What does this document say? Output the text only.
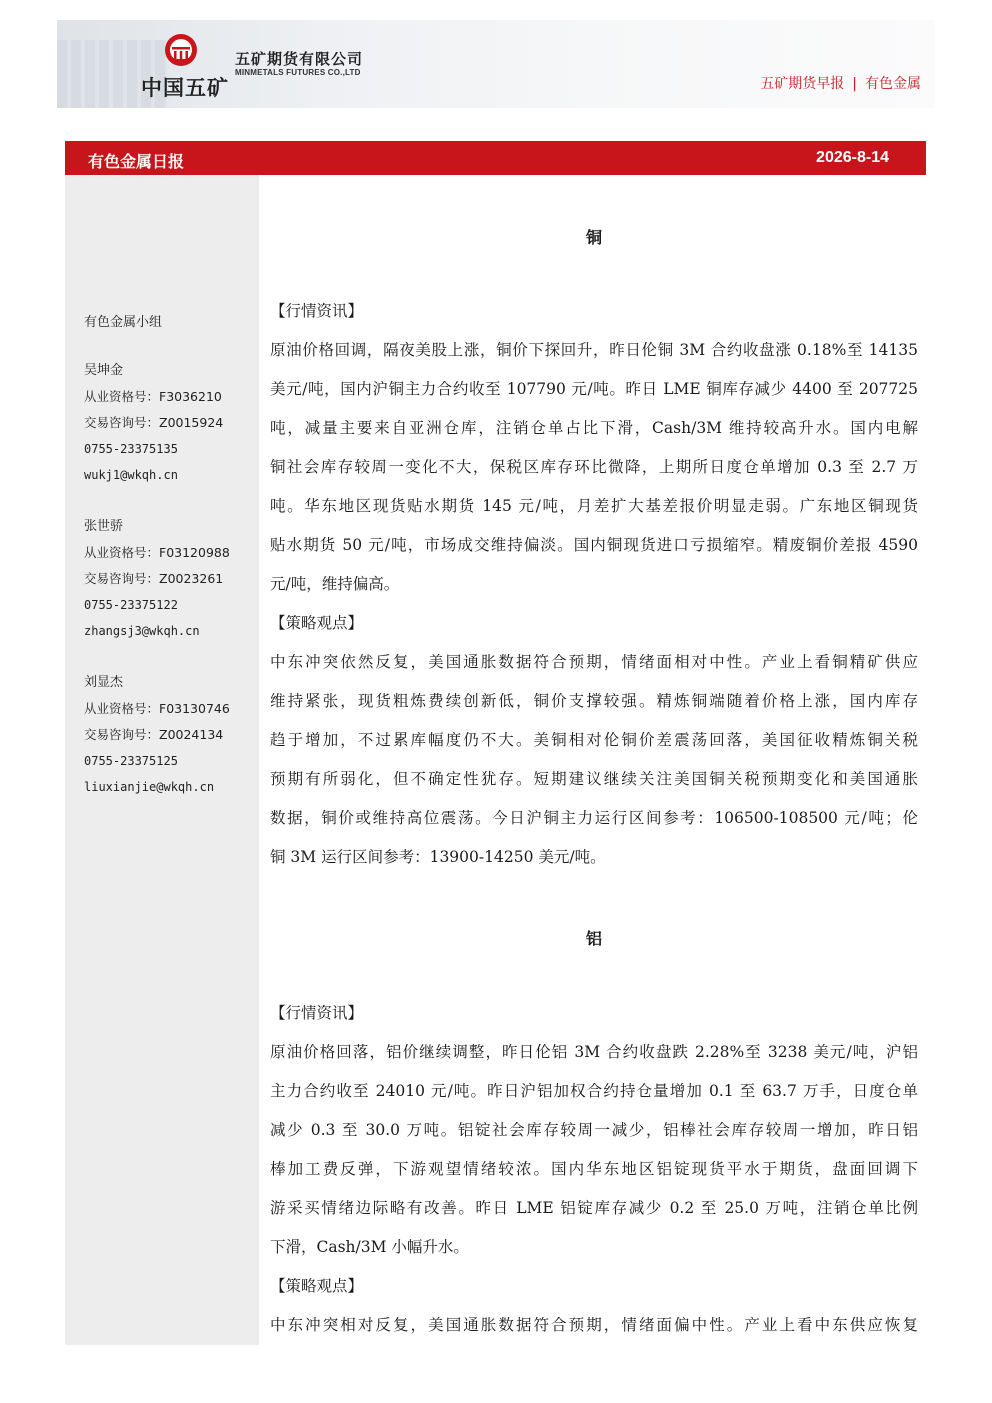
中国五矿
五矿期货有限公司
MINMETALS FUTURES CO.,LTD
五矿期货早报 | 有色金属
有色金属日报	2026-8-14
有色金属小组
吴坤金
从业资格号：F3036210
交易咨询号：Z0015924
0755-23375135
wukj1@wkqh.cn
张世骄
从业资格号：F03120988
交易咨询号：Z0023261
0755-23375122
zhangsj3@wkqh.cn
刘显杰
从业资格号：F03130746
交易咨询号：Z0024134
0755-23375125
liuxianjie@wkqh.cn
铜
【行情资讯】
原油价格回调，隔夜美股上涨，铜价下探回升，昨日伦铜 3M 合约收盘涨 0.18%至 14135
美元/吨，国内沪铜主力合约收至 107790 元/吨。昨日 LME 铜库存减少 4400 至 207725
吨，减量主要来自亚洲仓库，注销仓单占比下滑，Cash/3M 维持较高升水。国内电解
铜社会库存较周一变化不大，保税区库存环比微降，上期所日度仓单增加 0.3 至 2.7 万
吨。华东地区现货贴水期货 145 元/吨，月差扩大基差报价明显走弱。广东地区铜现货
贴水期货 50 元/吨，市场成交维持偏淡。国内铜现货进口亏损缩窄。精废铜价差报 4590
元/吨，维持偏高。
【策略观点】
中东冲突依然反复，美国通胀数据符合预期，情绪面相对中性。产业上看铜精矿供应
维持紧张，现货粗炼费续创新低，铜价支撑较强。精炼铜端随着价格上涨，国内库存
趋于增加，不过累库幅度仍不大。美铜相对伦铜价差震荡回落，美国征收精炼铜关税
预期有所弱化，但不确定性犹存。短期建议继续关注美国铜关税预期变化和美国通胀
数据，铜价或维持高位震荡。今日沪铜主力运行区间参考：106500-108500 元/吨；伦
铜 3M 运行区间参考：13900-14250 美元/吨。
铝
【行情资讯】
原油价格回落，铝价继续调整，昨日伦铝 3M 合约收盘跌 2.28%至 3238 美元/吨，沪铝
主力合约收至 24010 元/吨。昨日沪铝加权合约持仓量增加 0.1 至 63.7 万手，日度仓单
减少 0.3 至 30.0 万吨。铝锭社会库存较周一减少，铝棒社会库存较周一增加，昨日铝
棒加工费反弹，下游观望情绪较浓。国内华东地区铝锭现货平水于期货，盘面回调下
游采买情绪边际略有改善。昨日 LME 铝锭库存减少 0.2 至 25.0 万吨，注销仓单比例
下滑，Cash/3M 小幅升水。
【策略观点】
中东冲突相对反复，美国通胀数据符合预期，情绪面偏中性。产业上看中东供应恢复
